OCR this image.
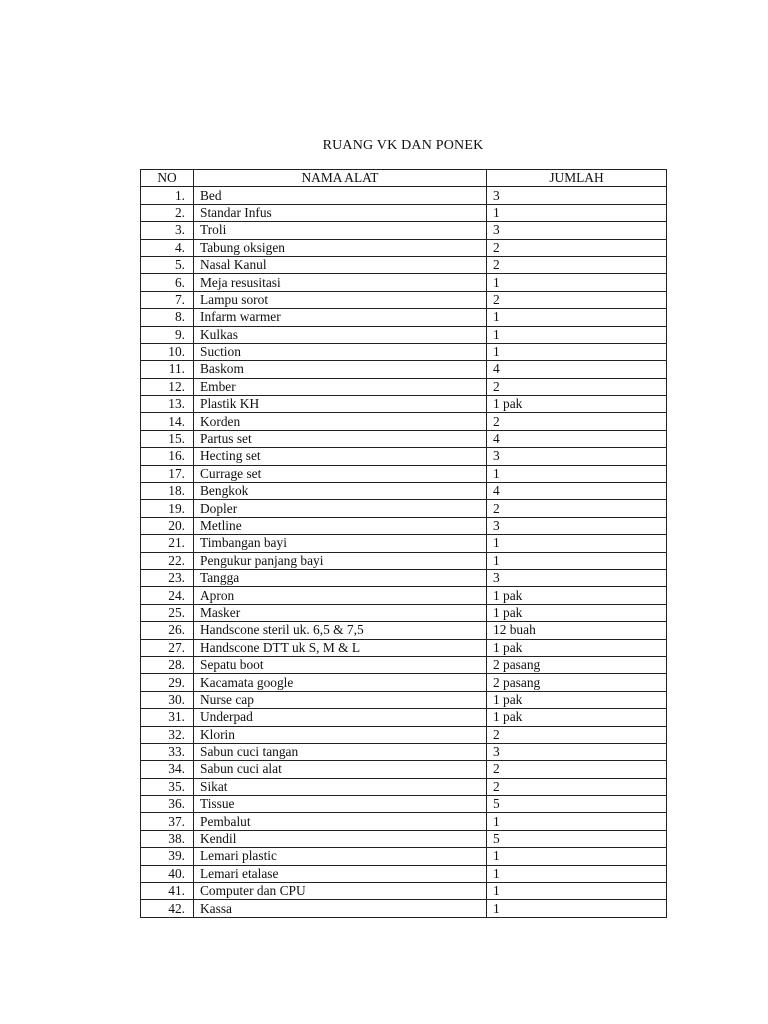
RUANG VK DAN PONEK
NO	NAMA ALAT	JUMLAH
1.	Bed	3
2.	Standar Infus	1
3.	Troli	3
4.	Tabung oksigen	2
5.	Nasal Kanul	2
6.	Meja resusitasi	1
7.	Lampu sorot	2
8.	Infarm warmer	1
9.	Kulkas	1
10.	Suction	1
11.	Baskom	4
12.	Ember	2
13.	Plastik KH	1 pak
14.	Korden	2
15.	Partus set	4
16.	Hecting set	3
17.	Currage set	1
18.	Bengkok	4
19.	Dopler	2
20.	Metline	3
21.	Timbangan bayi	1
22.	Pengukur panjang bayi	1
23.	Tangga	3
24.	Apron	1 pak
25.	Masker	1 pak
26.	Handscone steril uk. 6,5 & 7,5	12 buah
27.	Handscone DTT uk S, M & L	1 pak
28.	Sepatu boot	2 pasang
29.	Kacamata google	2 pasang
30.	Nurse cap	1 pak
31.	Underpad	1 pak
32.	Klorin	2
33.	Sabun cuci tangan	3
34.	Sabun cuci alat	2
35.	Sikat	2
36.	Tissue	5
37.	Pembalut	1
38.	Kendil	5
39.	Lemari plastic	1
40.	Lemari etalase	1
41.	Computer dan CPU	1
42.	Kassa	1
